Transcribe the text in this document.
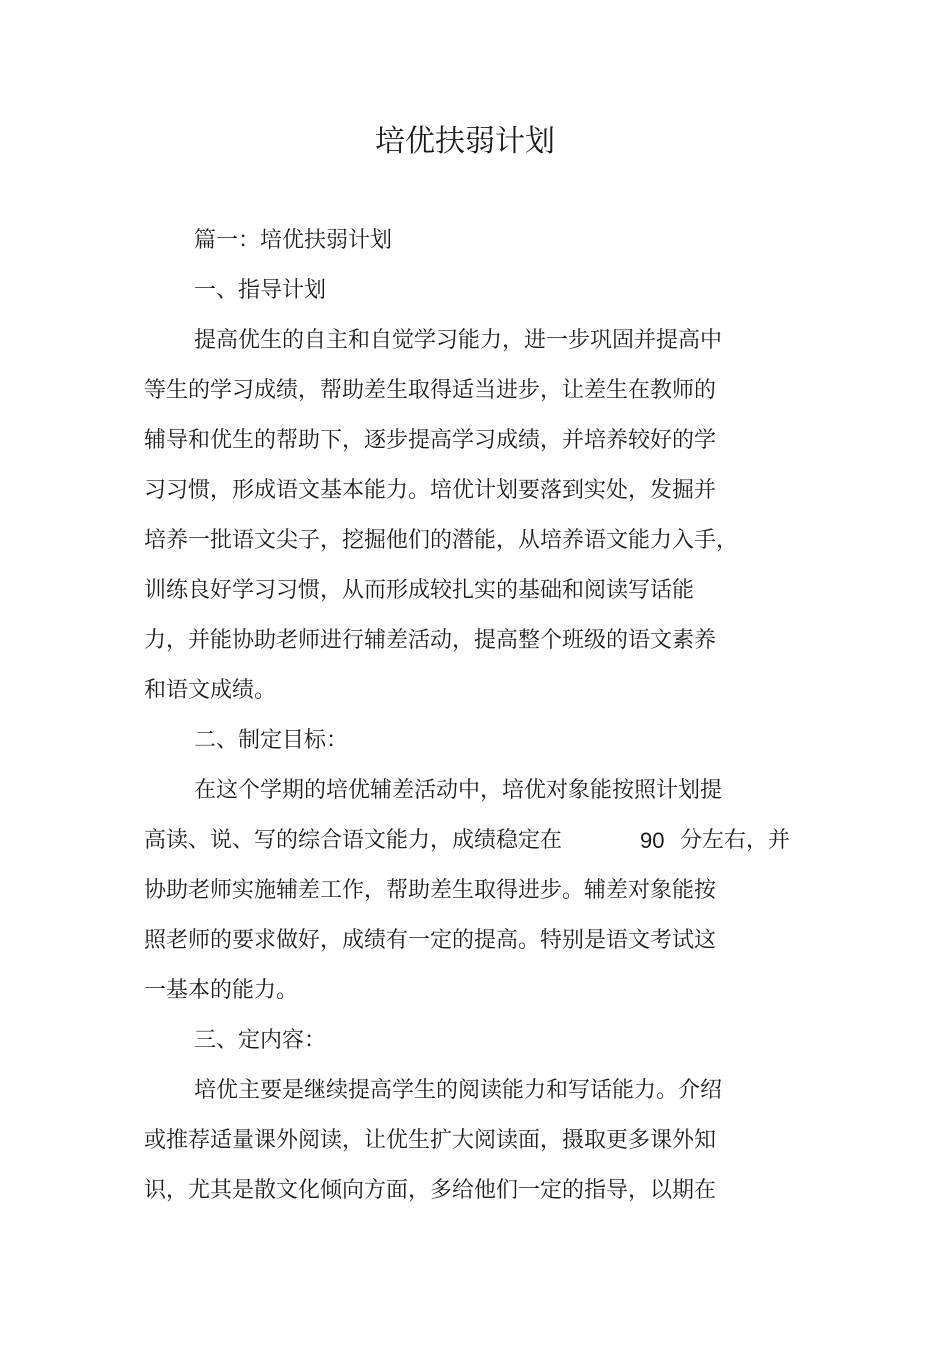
培优扶弱计划
篇一：培优扶弱计划
一、指导计划
提高优生的自主和自觉学习能力，进一步巩固并提高中
等生的学习成绩，帮助差生取得适当进步，让差生在教师的
辅导和优生的帮助下，逐步提高学习成绩，并培养较好的学
习习惯，形成语文基本能力。培优计划要落到实处，发掘并
培养一批语文尖子，挖掘他们的潜能，从培养语文能力入手，
训练良好学习习惯，从而形成较扎实的基础和阅读写话能
力，并能协助老师进行辅差活动，提高整个班级的语文素养
和语文成绩。
二、制定目标：
在这个学期的培优辅差活动中，培优对象能按照计划提
高读、说、写的综合语文能力，成绩稳定在	90 分左右，并
协助老师实施辅差工作，帮助差生取得进步。辅差对象能按
照老师的要求做好，成绩有一定的提高。特别是语文考试这
一基本的能力。
三、定内容：
培优主要是继续提高学生的阅读能力和写话能力。介绍
或推荐适量课外阅读，让优生扩大阅读面，摄取更多课外知
识，尤其是散文化倾向方面，多给他们一定的指导，以期在
